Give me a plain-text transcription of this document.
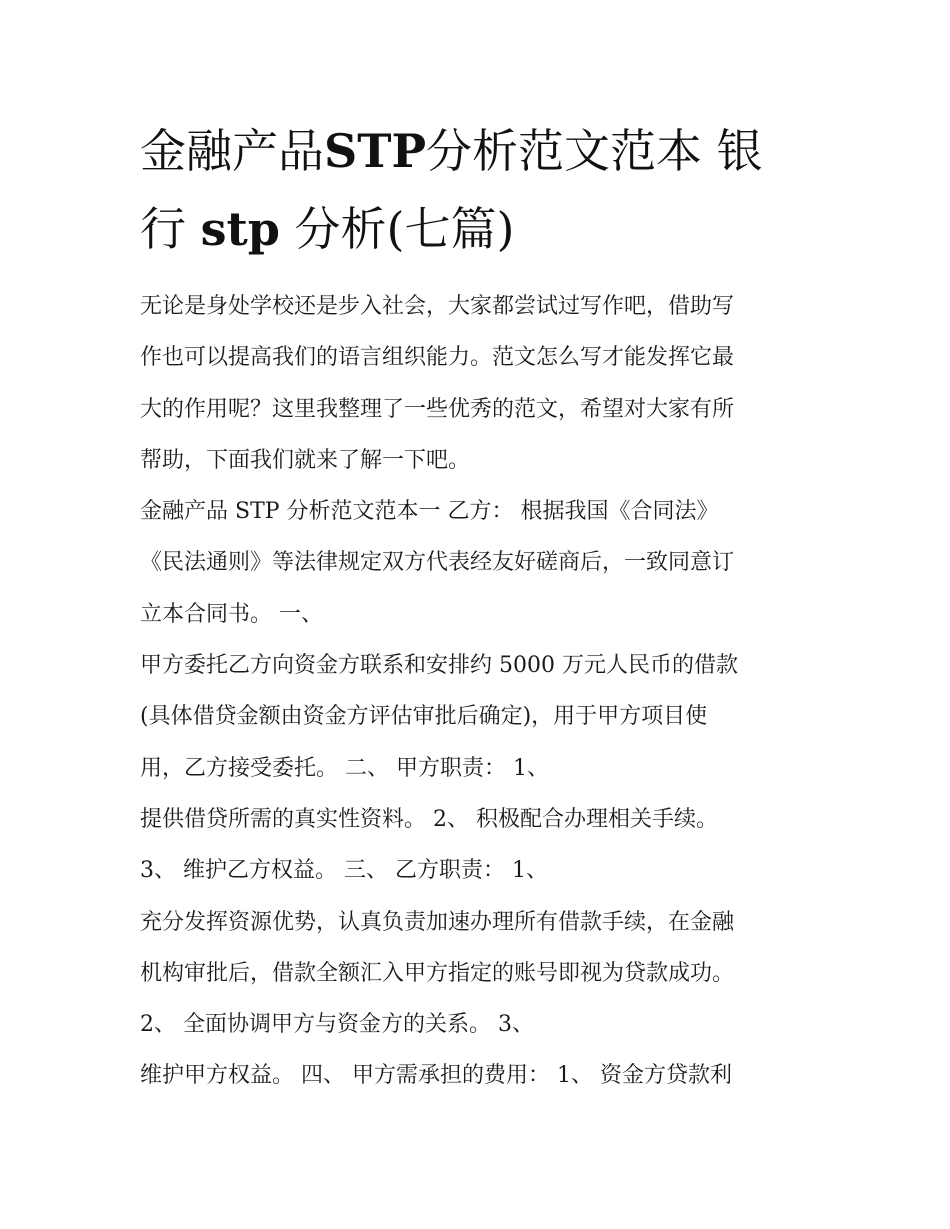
金融产品STP分析范文范本 银
行 stp 分析(七篇)
无论是身处学校还是步入社会，大家都尝试过写作吧，借助写
作也可以提高我们的语言组织能力。范文怎么写才能发挥它最
大的作用呢？这里我整理了一些优秀的范文，希望对大家有所
帮助，下面我们就来了解一下吧。
金融产品 STP 分析范文范本一 乙方： 根据我国《合同法》
《民法通则》等法律规定双方代表经友好磋商后，一致同意订
立本合同书。 一、
甲方委托乙方向资金方联系和安排约 5000 万元人民币的借款
(具体借贷金额由资金方评估审批后确定)，用于甲方项目使
用，乙方接受委托。 二、 甲方职责： 1、
提供借贷所需的真实性资料。 2、 积极配合办理相关手续。
3、 维护乙方权益。 三、 乙方职责： 1、
充分发挥资源优势，认真负责加速办理所有借款手续，在金融
机构审批后，借款全额汇入甲方指定的账号即视为贷款成功。
2、 全面协调甲方与资金方的关系。 3、
维护甲方权益。 四、 甲方需承担的费用： 1、 资金方贷款利
